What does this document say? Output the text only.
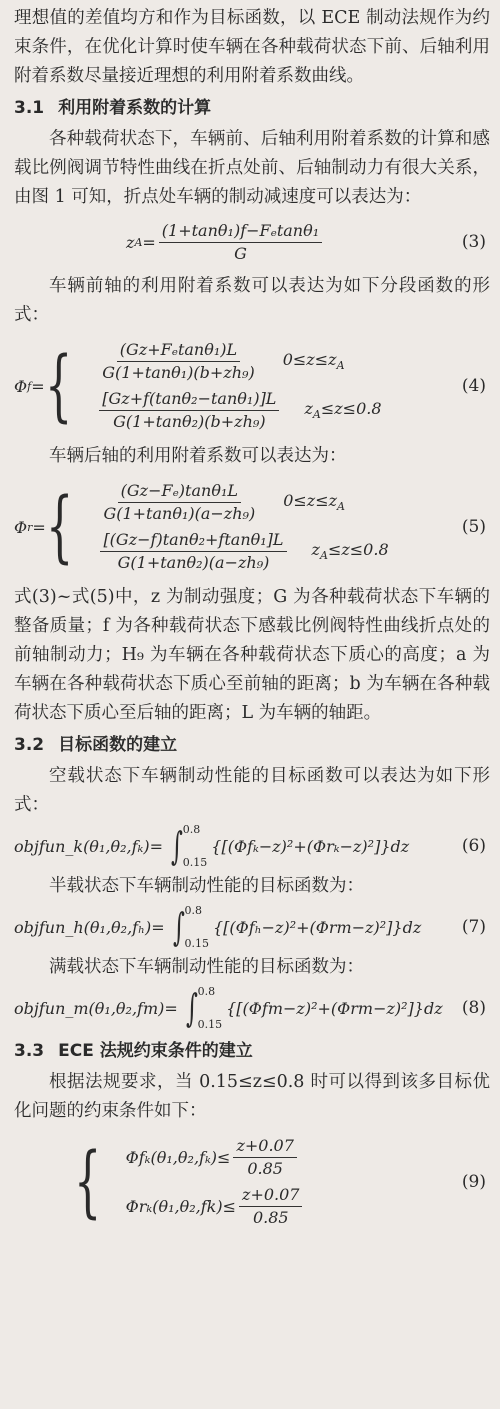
理想值的差值均方和作为目标函数，以 ECE 制动法规作为约束条件，在优化计算时使车辆在各种载荷状态下前、后轴利用附着系数尽量接近理想的利用附着系数曲线。

3.1 利用附着系数的计算

各种载荷状态下，车辆前、后轴利用附着系数的计算和感载比例阀调节特性曲线在折点处前、后轴制动力有很大关系，由图 1 可知，折点处车辆的制动减速度可以表达为：

z $A = \frac{\text{(1+tanθ₁)f−Fₑtanθ₁}}{G}$	(3)

车辆前轴的利用附着系数可以表达为如下分段函数的形式：

Φ f = { $\frac{\text{(Gz+Fₑtanθ₁)L}}{\text{G(1+tanθ₁)(b+zh₉)}} 0\le z\le z_A$
$\frac{\text{[Gz+f(tanθ₂−tanθ₁)]L}}{\text{G(1+tanθ₂)(b+zh₉)}} z_A\le z\le 0.8$
(4)

车辆后轴的利用附着系数可以表达为：

Φ r = { $\frac{\text{(Gz−Fₑ)tanθ₁L}}{\text{G(1+tanθ₁)(a−zh₉)}} 0\le z\le z_A$
$\frac{\text{[(Gz−f)tanθ₂+ftanθ₁]L}}{\text{G(1+tanθ₂)(a−zh₉)}} z_A\le z\le 0.8$
(5)

式(3)~式(5)中，z 为制动强度；G 为各种载荷状态下车辆的整备质量；f 为各种载荷状态下感载比例阀特性曲线折点处的前轴制动力；H₉ 为车辆在各种载荷状态下质心的高度；a 为车辆在各种载荷状态下质心至前轴的距离；b 为车辆在各种载荷状态下质心至后轴的距离；L 为车辆的轴距。

3.2 目标函数的建立

空载状态下车辆制动性能的目标函数可以表达为如下形式：

objfun_k(θ₁,θ₂,fₖ)= ∫ 0.8
0.15
{[(Φfₖ−z)²+(Φrₖ−z)²]}dz	(6)

半载状态下车辆制动性能的目标函数为：

objfun_h(θ₁,θ₂,fₕ)= ∫ 0.8
0.15
{[(Φfₕ−z)²+(Φrm−z)²]}dz (7)

满载状态下车辆制动性能的目标函数为：

objfun_m(θ₁,θ₂,fm)= ∫ 0.8
0.15
{[(Φfm−z)²+(Φrm−z)²]}dz (8)
3.3 ECE 法规约束条件的建立

根据法规要求，当 0.15≤z≤0.8 时可以得到该多目标优化问题的约束条件如下：

{ $\Phi f_k(\theta_1,\theta_2,f_k)\le \frac{z+0.07}{0.85}$
$\Phi r_k(\theta_1,\theta_2,fk)\le \frac{z+0.07}{0.85}$
(9)
